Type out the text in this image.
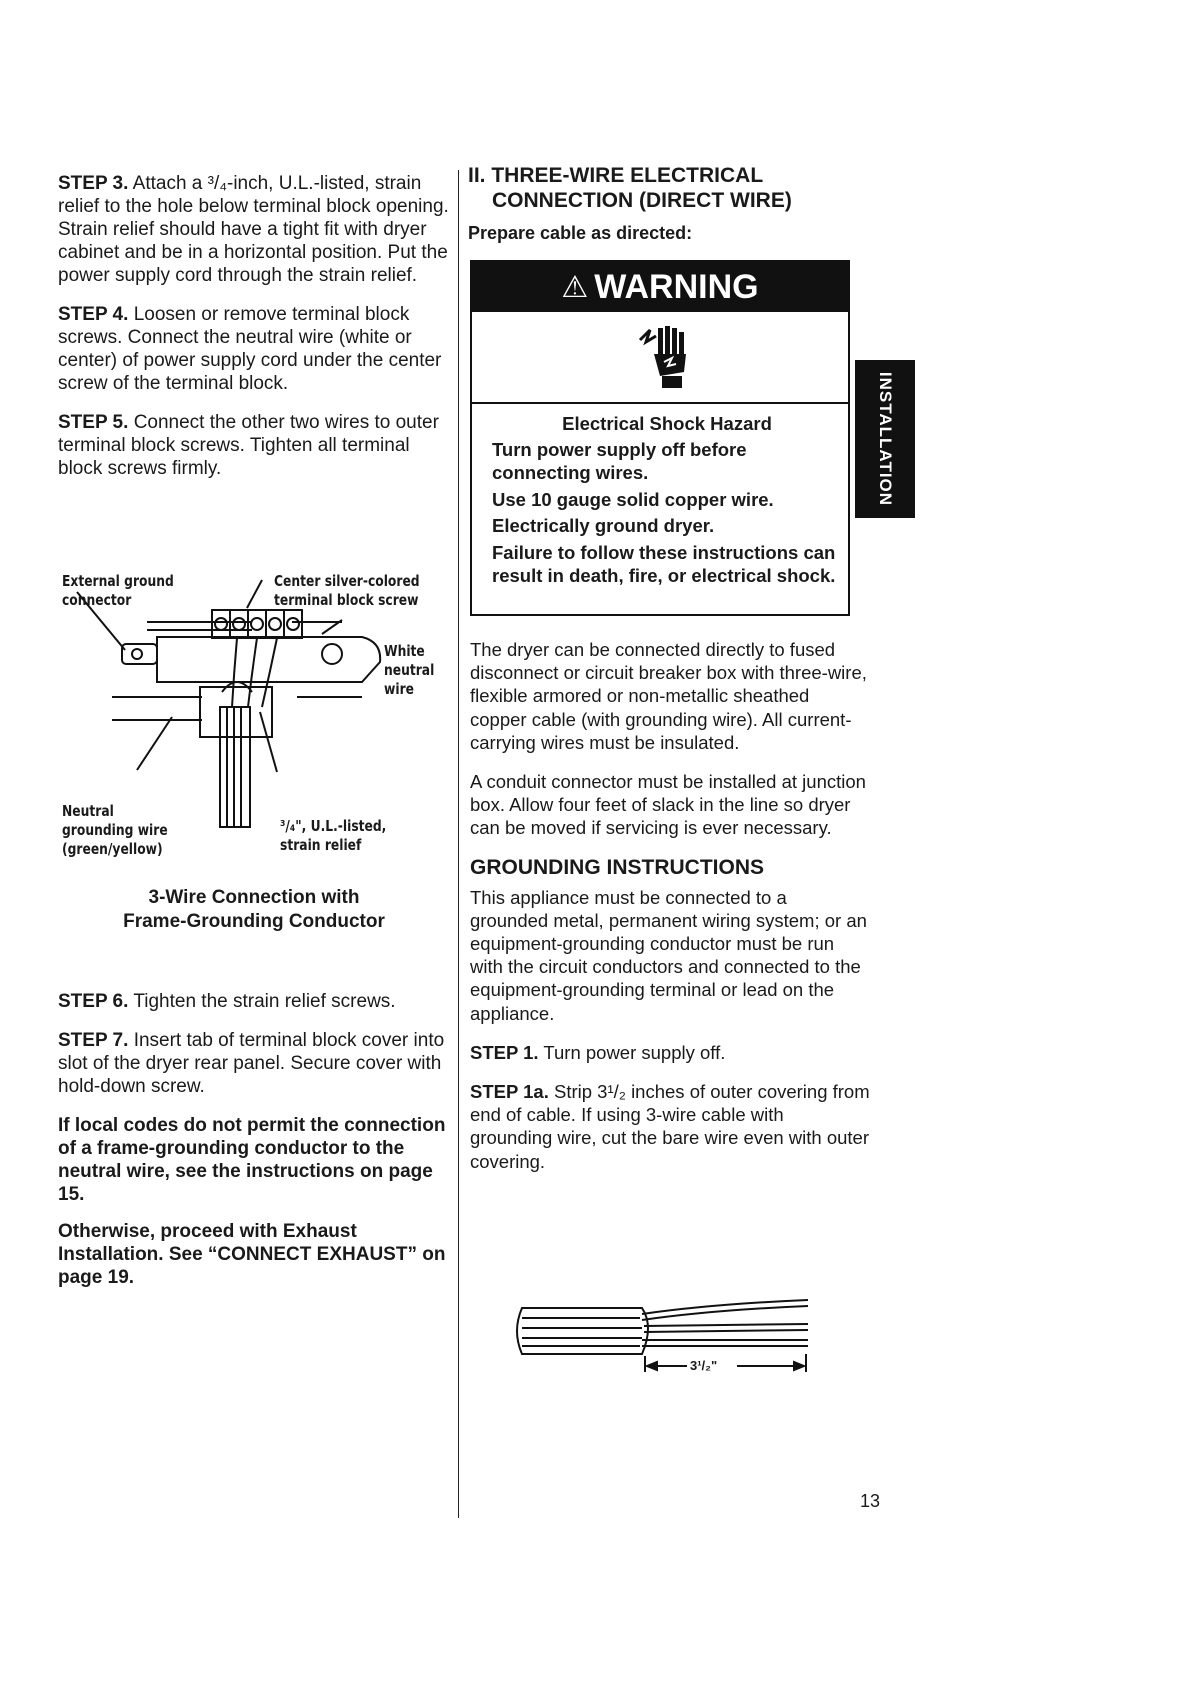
STEP 3. Attach a ³/₄-inch, U.L.-listed, strain relief to the hole below terminal block opening. Strain relief should have a tight fit with dryer cabinet and be in a horizontal position. Put the power supply cord through the strain relief.

STEP 4. Loosen or remove terminal block screws. Connect the neutral wire (white or center) of power supply cord under the center screw of the terminal block.

STEP 5. Connect the other two wires to outer terminal block screws. Tighten all terminal block screws firmly.

External ground
connector
Center silver-colored
terminal block screw
White
neutral
wire
Neutral
grounding wire
(green/yellow)
³/₄", U.L.-listed,
strain relief
3-Wire Connection with
Frame-Grounding Conductor

STEP 6. Tighten the strain relief screws.

STEP 7. Insert tab of terminal block cover into slot of the dryer rear panel. Secure cover with hold-down screw.

If local codes do not permit the connection of a frame-grounding conductor to the neutral wire, see the instructions on page 15.

Otherwise, proceed with Exhaust Installation. See “CONNECT EXHAUST” on page 19.

II. THREE-WIRE ELECTRICAL

CONNECTION (DIRECT WIRE)

Prepare cable as directed:

⚠ WARNING
Electrical Shock Hazard
Turn power supply off before connecting wires.
Use 10 gauge solid copper wire.
Electrically ground dryer.
Failure to follow these instructions can result in death, fire, or electrical shock.

The dryer can be connected directly to fused disconnect or circuit breaker box with three-wire, flexible armored or non-metallic sheathed copper cable (with grounding wire). All current-carrying wires must be insulated.

A conduit connector must be installed at junction box. Allow four feet of slack in the line so dryer can be moved if servicing is ever necessary.

GROUNDING INSTRUCTIONS

This appliance must be connected to a grounded metal, permanent wiring system; or an equipment-grounding conductor must be run with the circuit conductors and connected to the equipment-grounding terminal or lead on the appliance.

STEP 1. Turn power supply off.

STEP 1a. Strip 3¹/₂ inches of outer covering from end of cable. If using 3-wire cable with grounding wire, cut the bare wire even with outer covering.

3¹/₂"
INSTALLATION
13
